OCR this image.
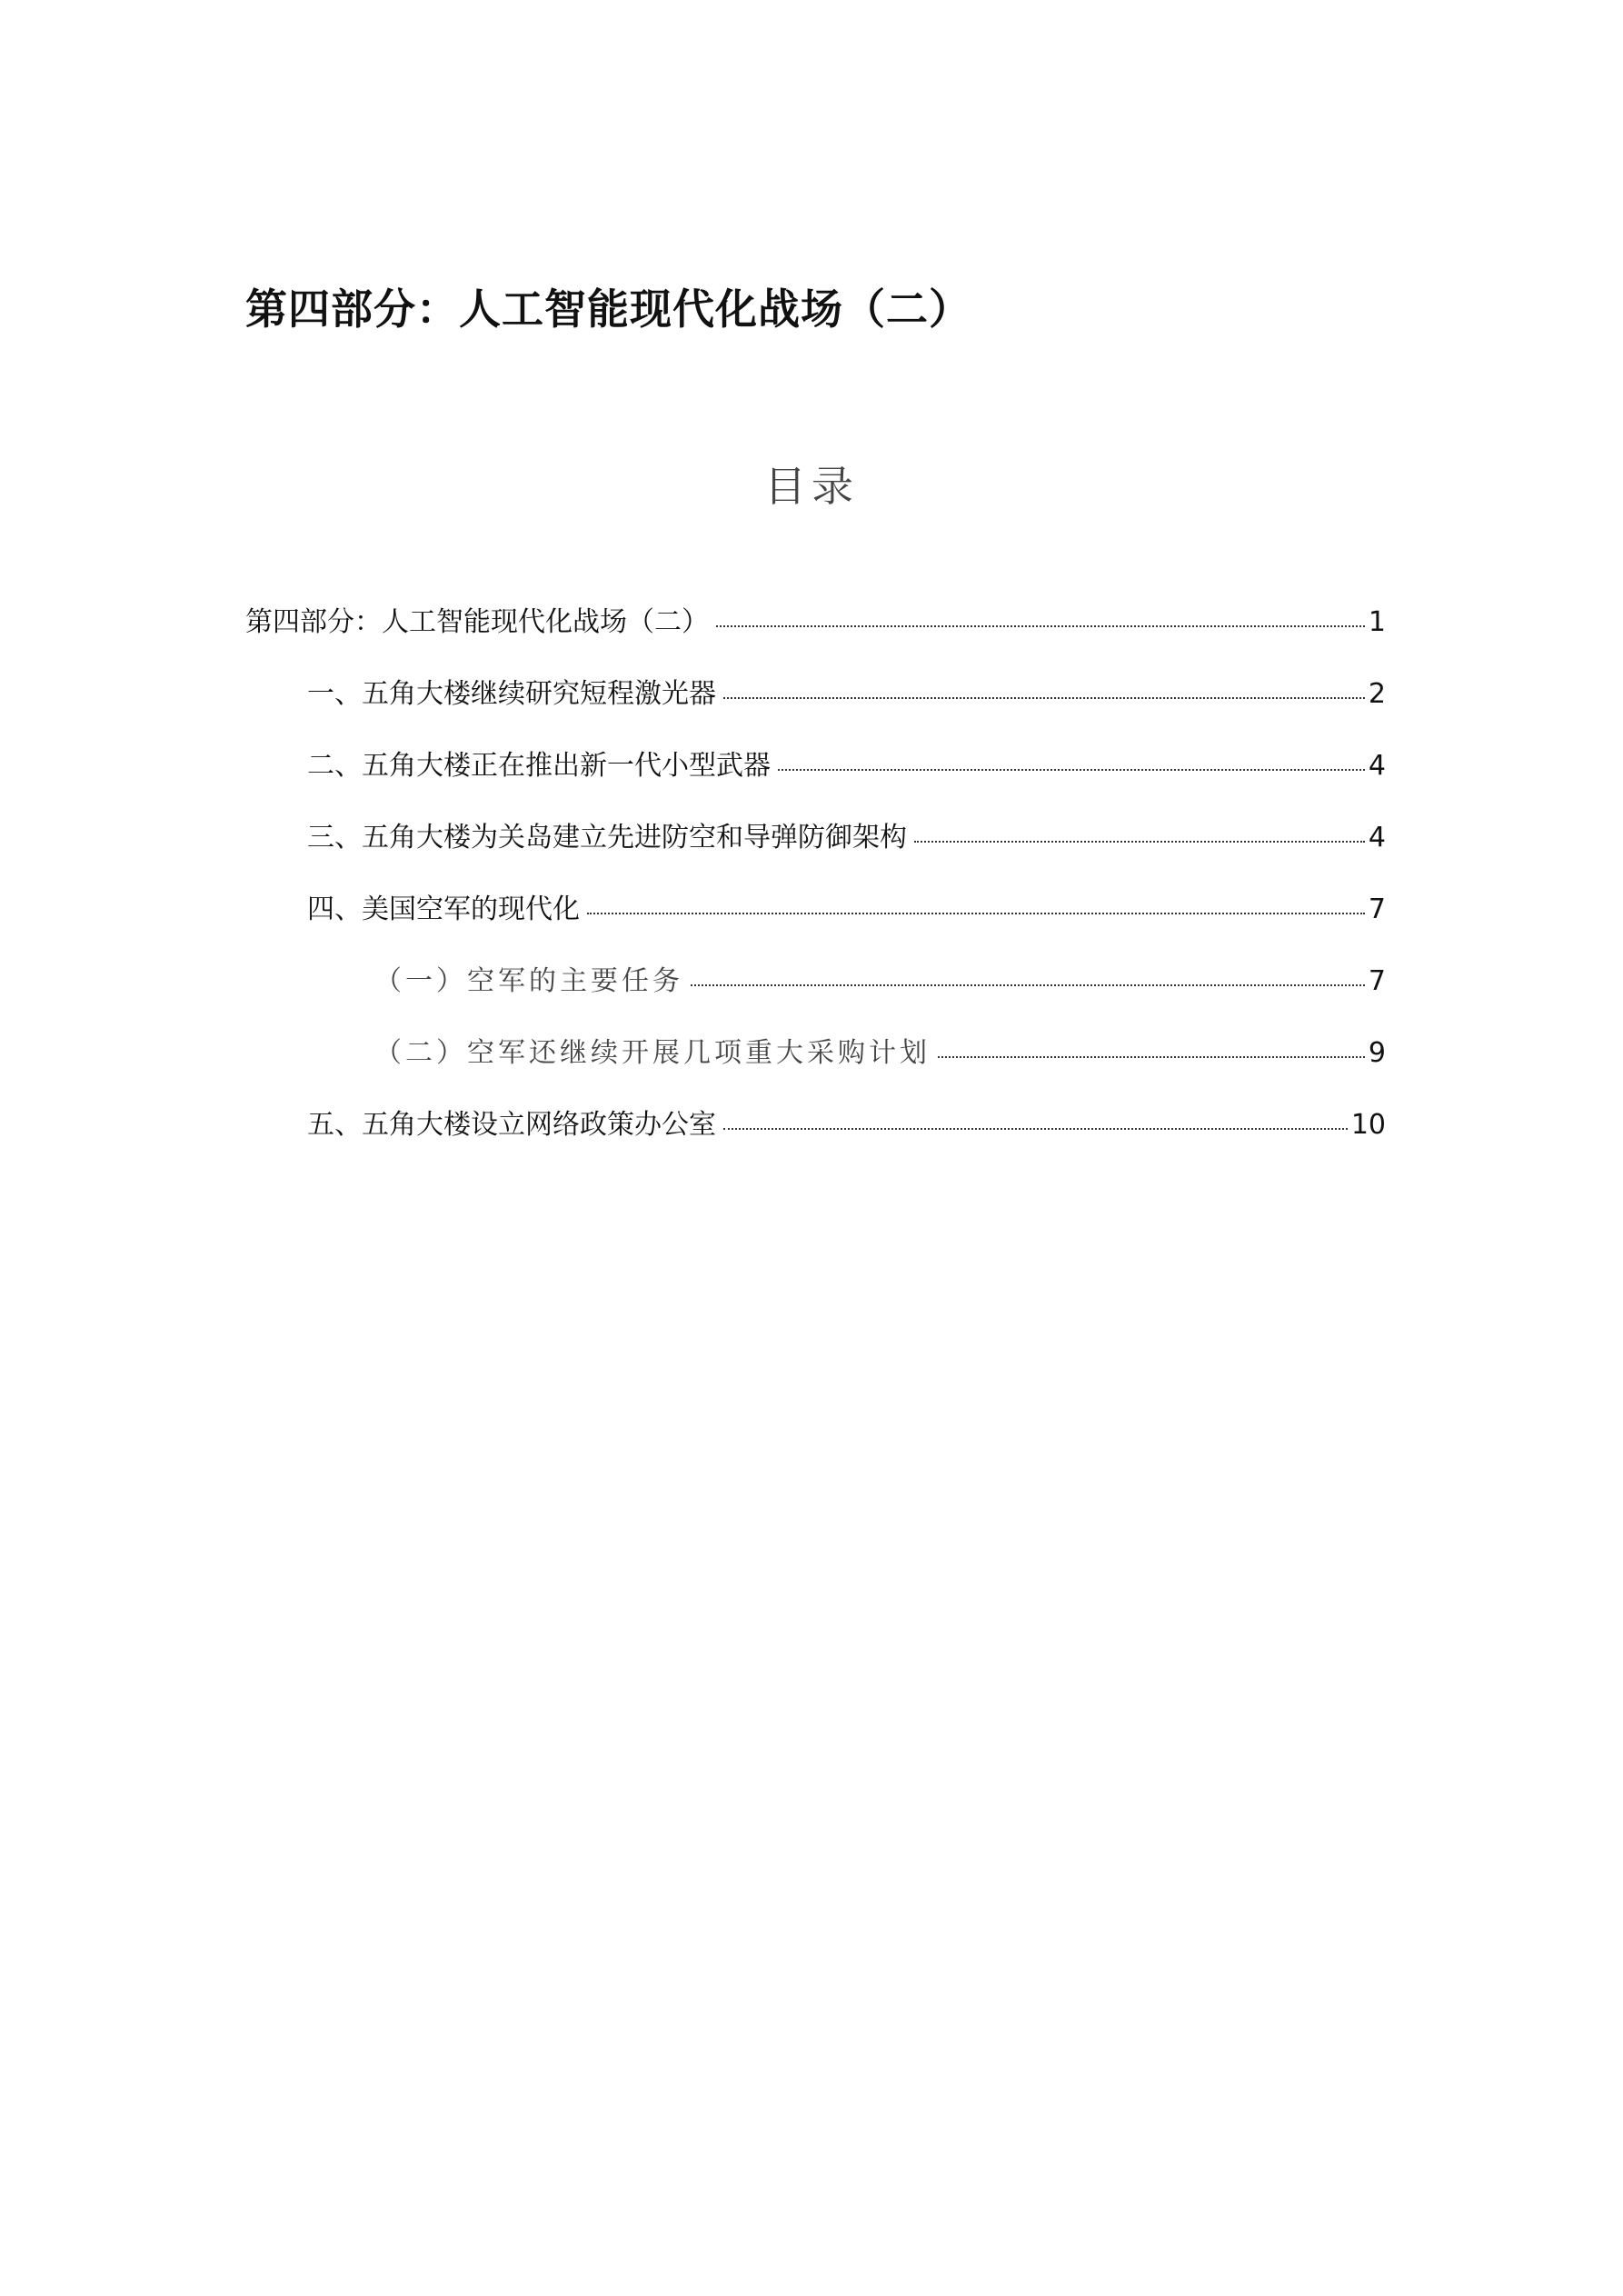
第四部分：人工智能现代化战场（二）
目录
第四部分：人工智能现代化战场（二）	1
一、五角大楼继续研究短程激光器	2
二、五角大楼正在推出新一代小型武器	4
三、五角大楼为关岛建立先进防空和导弹防御架构	4
四、美国空军的现代化	7
（一）空军的主要任务	7
（二）空军还继续开展几项重大采购计划	9
五、五角大楼设立网络政策办公室	10
